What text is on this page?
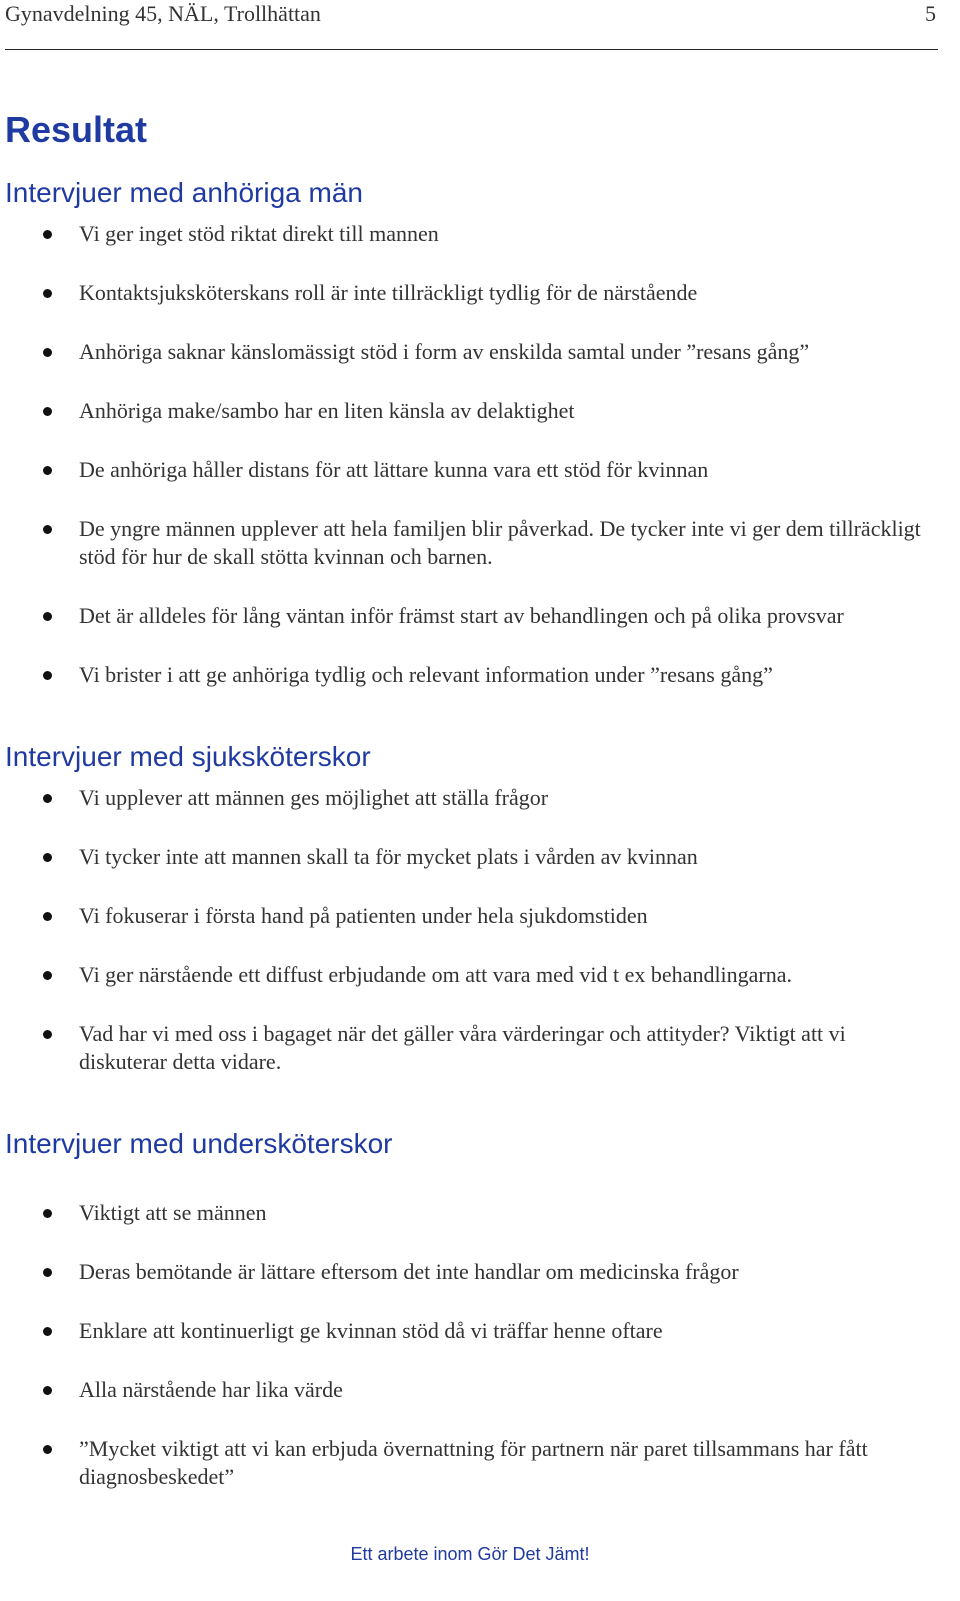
Gynavdelning 45, NÄL, Trollhättan	5
Resultat
Intervjuer med anhöriga män
Vi ger inget stöd riktat direkt till mannen
Kontaktsjuksköterskans roll är inte tillräckligt tydlig för de närstående
Anhöriga saknar känslomässigt stöd i form av enskilda samtal under ”resans gång”
Anhöriga make/sambo har en liten känsla av delaktighet
De anhöriga håller distans för att lättare kunna vara ett stöd för kvinnan
De yngre männen upplever att hela familjen blir påverkad. De tycker inte vi ger dem tillräckligt stöd för hur de skall stötta kvinnan och barnen.
Det är alldeles för lång väntan inför främst start av behandlingen och på olika provsvar
Vi brister i att ge anhöriga tydlig och relevant information under ”resans gång”
Intervjuer med sjuksköterskor
Vi upplever att männen ges möjlighet att ställa frågor
Vi tycker inte att mannen skall ta för mycket plats i vården av kvinnan
Vi fokuserar i första hand på patienten under hela sjukdomstiden
Vi ger närstående ett diffust erbjudande om att vara med vid t ex behandlingarna.
Vad har vi med oss i bagaget när det gäller våra värderingar och attityder? Viktigt att vi diskuterar detta vidare.
Intervjuer med undersköterskor
Viktigt att se männen
Deras bemötande är lättare eftersom det inte handlar om medicinska frågor
Enklare att kontinuerligt ge kvinnan stöd då vi träffar henne oftare
Alla närstående har lika värde
”Mycket viktigt att vi kan erbjuda övernattning för partnern när paret tillsammans har fått diagnosbeskedet”
Ett arbete inom Gör Det Jämt!
